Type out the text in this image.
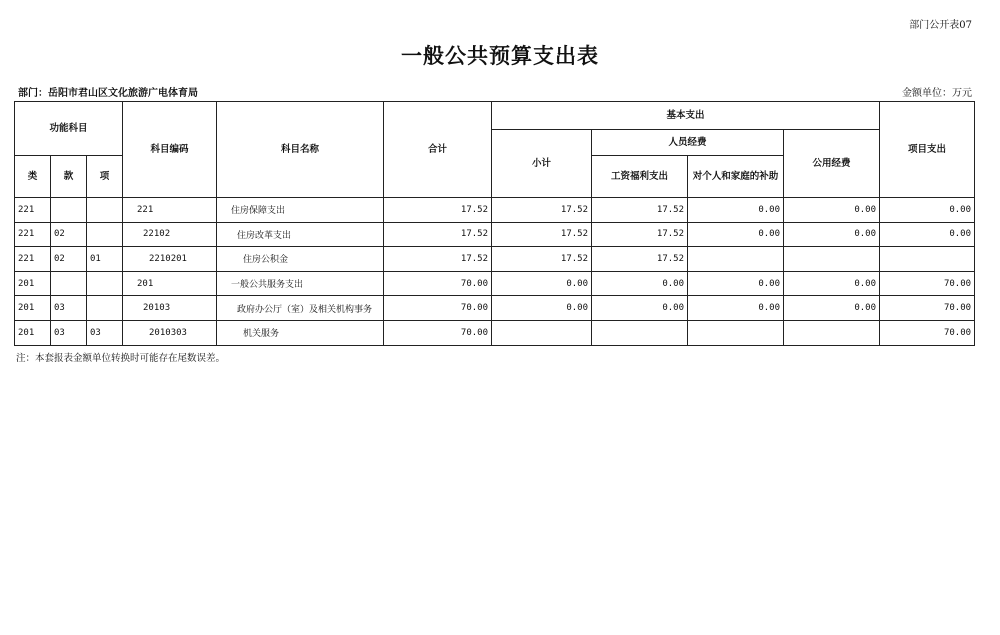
部门公开表07
一般公共预算支出表
部门：岳阳市君山区文化旅游广电体育局	金额单位：万元
功能科目			科目编码	科目名称	合计	基本支出				项目支出
						小计	人员经费		公用经费	
类	款	项					工资福利支出	对个人和家庭的补助		
221			221	住房保障支出	17.52	17.52	17.52	0.00	0.00	0.00
221	02		22102	住房改革支出	17.52	17.52	17.52	0.00	0.00	0.00
221	02	01	2210201	住房公积金	17.52	17.52	17.52			
201			201	一般公共服务支出	70.00	0.00	0.00	0.00	0.00	70.00
201	03		20103	政府办公厅（室）及相关机构事务	70.00	0.00	0.00	0.00	0.00	70.00
201	03	03	2010303	机关服务	70.00					70.00
注：本套报表金额单位转换时可能存在尾数误差。
